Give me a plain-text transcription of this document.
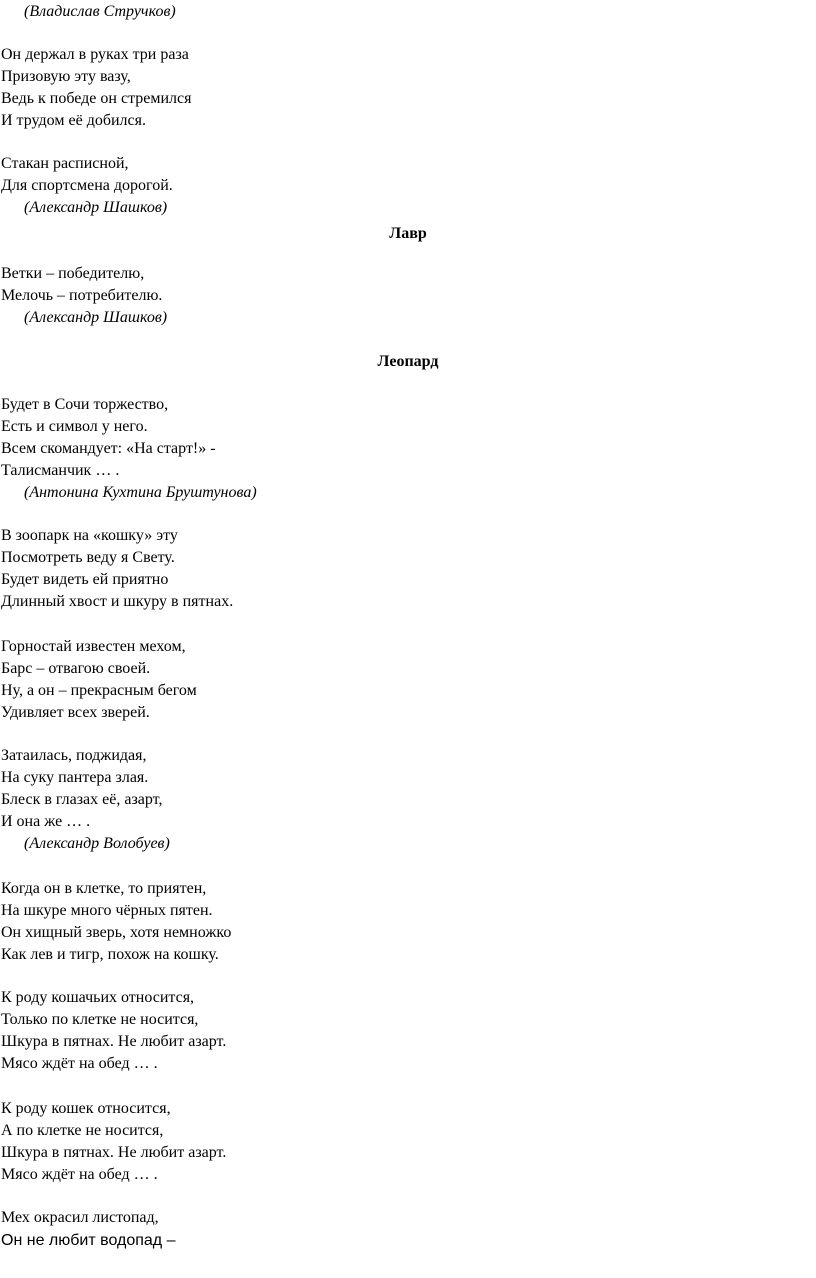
(Владислав Стручков)
Он держал в руках три раза
Призовую эту вазу,
Ведь к победе он стремился
И трудом её добился.
Стакан расписной,
Для спортсмена дорогой.
(Александр Шашков)
Лавр
Ветки – победителю,
Мелочь – потребителю.
(Александр Шашков)
Леопард
Будет в Сочи торжество,
Есть и символ у него.
Всем скомандует: «На старт!» -
Талисманчик … .
(Антонина Кухтина Бруштунова)
В зоопарк на «кошку» эту
Посмотреть веду я Свету.
Будет видеть ей приятно
Длинный хвост и шкуру в пятнах.
Горностай известен мехом,
Барс – отвагою своей.
Ну, а он – прекрасным бегом
Удивляет всех зверей.
Затаилась, поджидая,
На суку пантера злая.
Блеск в глазах её, азарт,
И она же … .
(Александр Волобуев)
Когда он в клетке, то приятен,
На шкуре много чёрных пятен.
Он хищный зверь, хотя немножко
Как лев и тигр, похож на кошку.
К роду кошачьих относится,
Только по клетке не носится,
Шкура в пятнах. Не любит азарт.
Мясо ждёт на обед … .
К роду кошек относится,
А по клетке не носится,
Шкура в пятнах. Не любит азарт.
Мясо ждёт на обед … .
Мех окрасил листопад,
Он не любит водопад –
